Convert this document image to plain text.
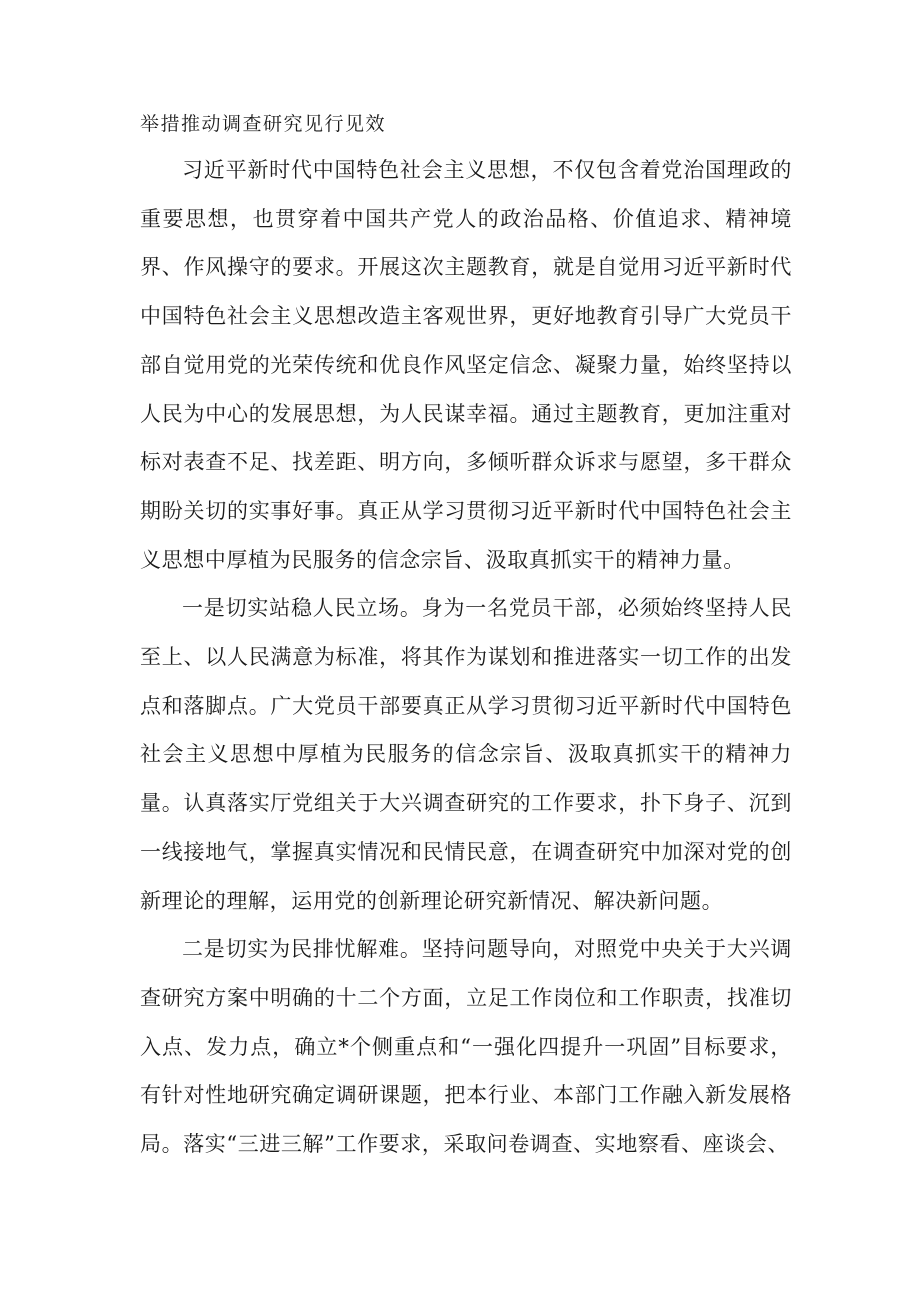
举措推动调查研究见行见效

习近平新时代中国特色社会主义思想，不仅包含着党治国理政的重要思想，也贯穿着中国共产党人的政治品格、价值追求、精神境界、作风操守的要求。开展这次主题教育，就是自觉用习近平新时代中国特色社会主义思想改造主客观世界，更好地教育引导广大党员干部自觉用党的光荣传统和优良作风坚定信念、凝聚力量，始终坚持以人民为中心的发展思想，为人民谋幸福。通过主题教育，更加注重对标对表查不足、找差距、明方向，多倾听群众诉求与愿望，多干群众期盼关切的实事好事。真正从学习贯彻习近平新时代中国特色社会主义思想中厚植为民服务的信念宗旨、汲取真抓实干的精神力量。

一是切实站稳人民立场。身为一名党员干部，必须始终坚持人民至上、以人民满意为标准，将其作为谋划和推进落实一切工作的出发点和落脚点。广大党员干部要真正从学习贯彻习近平新时代中国特色社会主义思想中厚植为民服务的信念宗旨、汲取真抓实干的精神力量。认真落实厅党组关于大兴调查研究的工作要求，扑下身子、沉到一线接地气，掌握真实情况和民情民意，在调查研究中加深对党的创新理论的理解，运用党的创新理论研究新情况、解决新问题。

二是切实为民排忧解难。坚持问题导向，对照党中央关于大兴调查研究方案中明确的十二个方面，立足工作岗位和工作职责，找准切入点、发力点，确立*个侧重点和“一强化四提升一巩固”目标要求，有针对性地研究确定调研课题，把本行业、本部门工作融入新发展格局。落实“三进三解”工作要求，采取问卷调查、实地察看、座谈会、
